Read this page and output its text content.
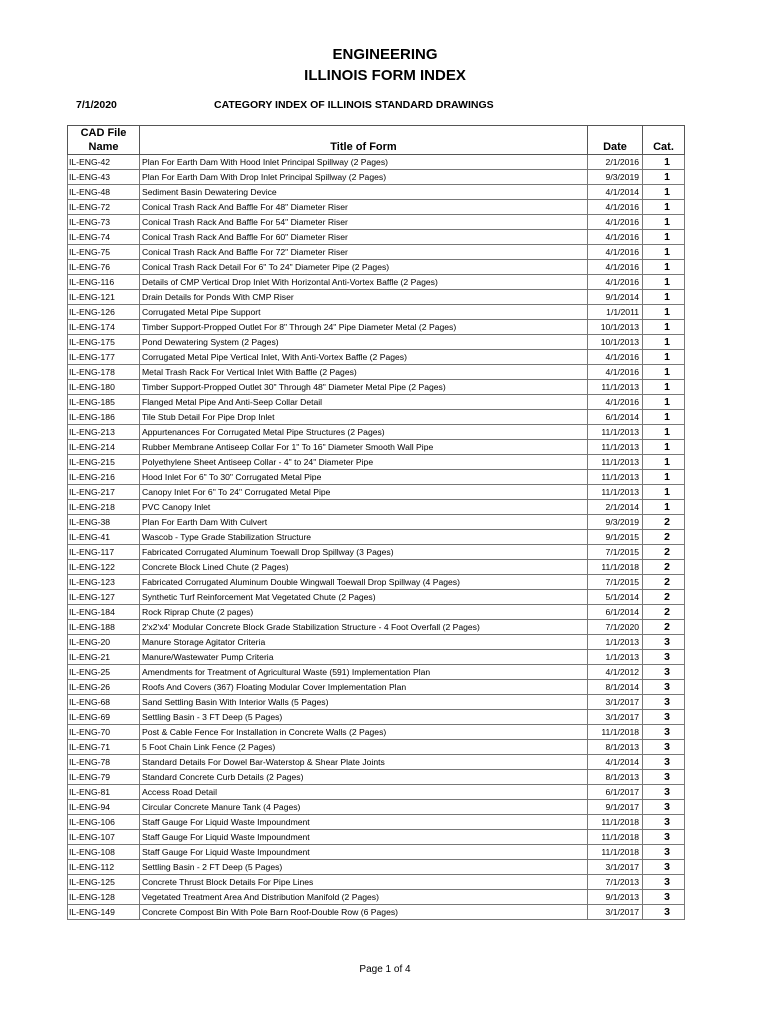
ENGINEERING
ILLINOIS FORM INDEX
7/1/2020	CATEGORY INDEX OF ILLINOIS STANDARD DRAWINGS
CAD File
Name	Title of Form	Date	Cat.
IL-ENG-42	Plan For Earth Dam With Hood Inlet Principal Spillway (2 Pages)	2/1/2016	1
IL-ENG-43	Plan For Earth Dam With Drop Inlet Principal Spillway (2 Pages)	9/3/2019	1
IL-ENG-48	Sediment Basin Dewatering Device	4/1/2014	1
IL-ENG-72	Conical Trash Rack And Baffle For 48" Diameter Riser	4/1/2016	1
IL-ENG-73	Conical Trash Rack And Baffle For 54" Diameter Riser	4/1/2016	1
IL-ENG-74	Conical Trash Rack And Baffle For 60" Diameter Riser	4/1/2016	1
IL-ENG-75	Conical Trash Rack And Baffle For 72" Diameter Riser	4/1/2016	1
IL-ENG-76	Conical Trash Rack Detail For 6" To 24" Diameter Pipe (2 Pages)	4/1/2016	1
IL-ENG-116	Details of CMP Vertical Drop Inlet With Horizontal Anti-Vortex Baffle (2 Pages)	4/1/2016	1
IL-ENG-121	Drain Details for Ponds With CMP Riser	9/1/2014	1
IL-ENG-126	Corrugated Metal Pipe Support	1/1/2011	1
IL-ENG-174	Timber Support-Propped Outlet For 8" Through 24" Pipe Diameter Metal (2 Pages)	10/1/2013	1
IL-ENG-175	Pond Dewatering System (2 Pages)	10/1/2013	1
IL-ENG-177	Corrugated Metal Pipe Vertical Inlet, With Anti-Vortex Baffle (2 Pages)	4/1/2016	1
IL-ENG-178	Metal Trash Rack For Vertical Inlet With Baffle (2 Pages)	4/1/2016	1
IL-ENG-180	Timber Support-Propped Outlet 30" Through 48" Diameter Metal Pipe (2 Pages)	11/1/2013	1
IL-ENG-185	Flanged Metal Pipe And Anti-Seep Collar Detail	4/1/2016	1
IL-ENG-186	Tile Stub Detail For Pipe Drop Inlet	6/1/2014	1
IL-ENG-213	Appurtenances For Corrugated Metal Pipe Structures (2 Pages)	11/1/2013	1
IL-ENG-214	Rubber Membrane Antiseep Collar For 1" To 16" Diameter Smooth Wall Pipe	11/1/2013	1
IL-ENG-215	Polyethylene Sheet Antiseep Collar - 4" to 24" Diameter Pipe	11/1/2013	1
IL-ENG-216	Hood Inlet For 6" To 30" Corrugated Metal Pipe	11/1/2013	1
IL-ENG-217	Canopy Inlet For 6" To 24" Corrugated Metal Pipe	11/1/2013	1
IL-ENG-218	PVC Canopy Inlet	2/1/2014	1
IL-ENG-38	Plan For Earth Dam With Culvert	9/3/2019	2
IL-ENG-41	Wascob - Type Grade Stabilization Structure	9/1/2015	2
IL-ENG-117	Fabricated Corrugated Aluminum Toewall Drop Spillway (3 Pages)	7/1/2015	2
IL-ENG-122	Concrete Block Lined Chute (2 Pages)	11/1/2018	2
IL-ENG-123	Fabricated Corrugated Aluminum Double Wingwall Toewall Drop Spillway (4 Pages)	7/1/2015	2
IL-ENG-127	Synthetic Turf Reinforcement Mat Vegetated Chute (2 Pages)	5/1/2014	2
IL-ENG-184	Rock Riprap Chute (2 pages)	6/1/2014	2
IL-ENG-188	2'x2'x4' Modular Concrete Block Grade Stabilization Structure - 4 Foot Overfall (2 Pages)	7/1/2020	2
IL-ENG-20	Manure Storage Agitator Criteria	1/1/2013	3
IL-ENG-21	Manure/Wastewater Pump Criteria	1/1/2013	3
IL-ENG-25	Amendments for Treatment of Agricultural Waste (591) Implementation Plan	4/1/2012	3
IL-ENG-26	Roofs And Covers (367) Floating Modular Cover Implementation Plan	8/1/2014	3
IL-ENG-68	Sand Settling Basin With Interior Walls (5 Pages)	3/1/2017	3
IL-ENG-69	Settling Basin - 3 FT Deep (5 Pages)	3/1/2017	3
IL-ENG-70	Post & Cable Fence For Installation in Concrete Walls (2 Pages)	11/1/2018	3
IL-ENG-71	5 Foot Chain Link Fence (2 Pages)	8/1/2013	3
IL-ENG-78	Standard Details For Dowel Bar-Waterstop & Shear Plate Joints	4/1/2014	3
IL-ENG-79	Standard Concrete Curb Details (2 Pages)	8/1/2013	3
IL-ENG-81	Access Road Detail	6/1/2017	3
IL-ENG-94	Circular Concrete Manure Tank (4 Pages)	9/1/2017	3
IL-ENG-106	Staff Gauge For Liquid Waste Impoundment	11/1/2018	3
IL-ENG-107	Staff Gauge For Liquid Waste Impoundment	11/1/2018	3
IL-ENG-108	Staff Gauge For Liquid Waste Impoundment	11/1/2018	3
IL-ENG-112	Settling Basin - 2 FT Deep (5 Pages)	3/1/2017	3
IL-ENG-125	Concrete Thrust Block Details For Pipe Lines	7/1/2013	3
IL-ENG-128	Vegetated Treatment Area And Distribution Manifold (2 Pages)	9/1/2013	3
IL-ENG-149	Concrete Compost Bin With Pole Barn Roof-Double Row (6 Pages)	3/1/2017	3
Page 1 of 4
